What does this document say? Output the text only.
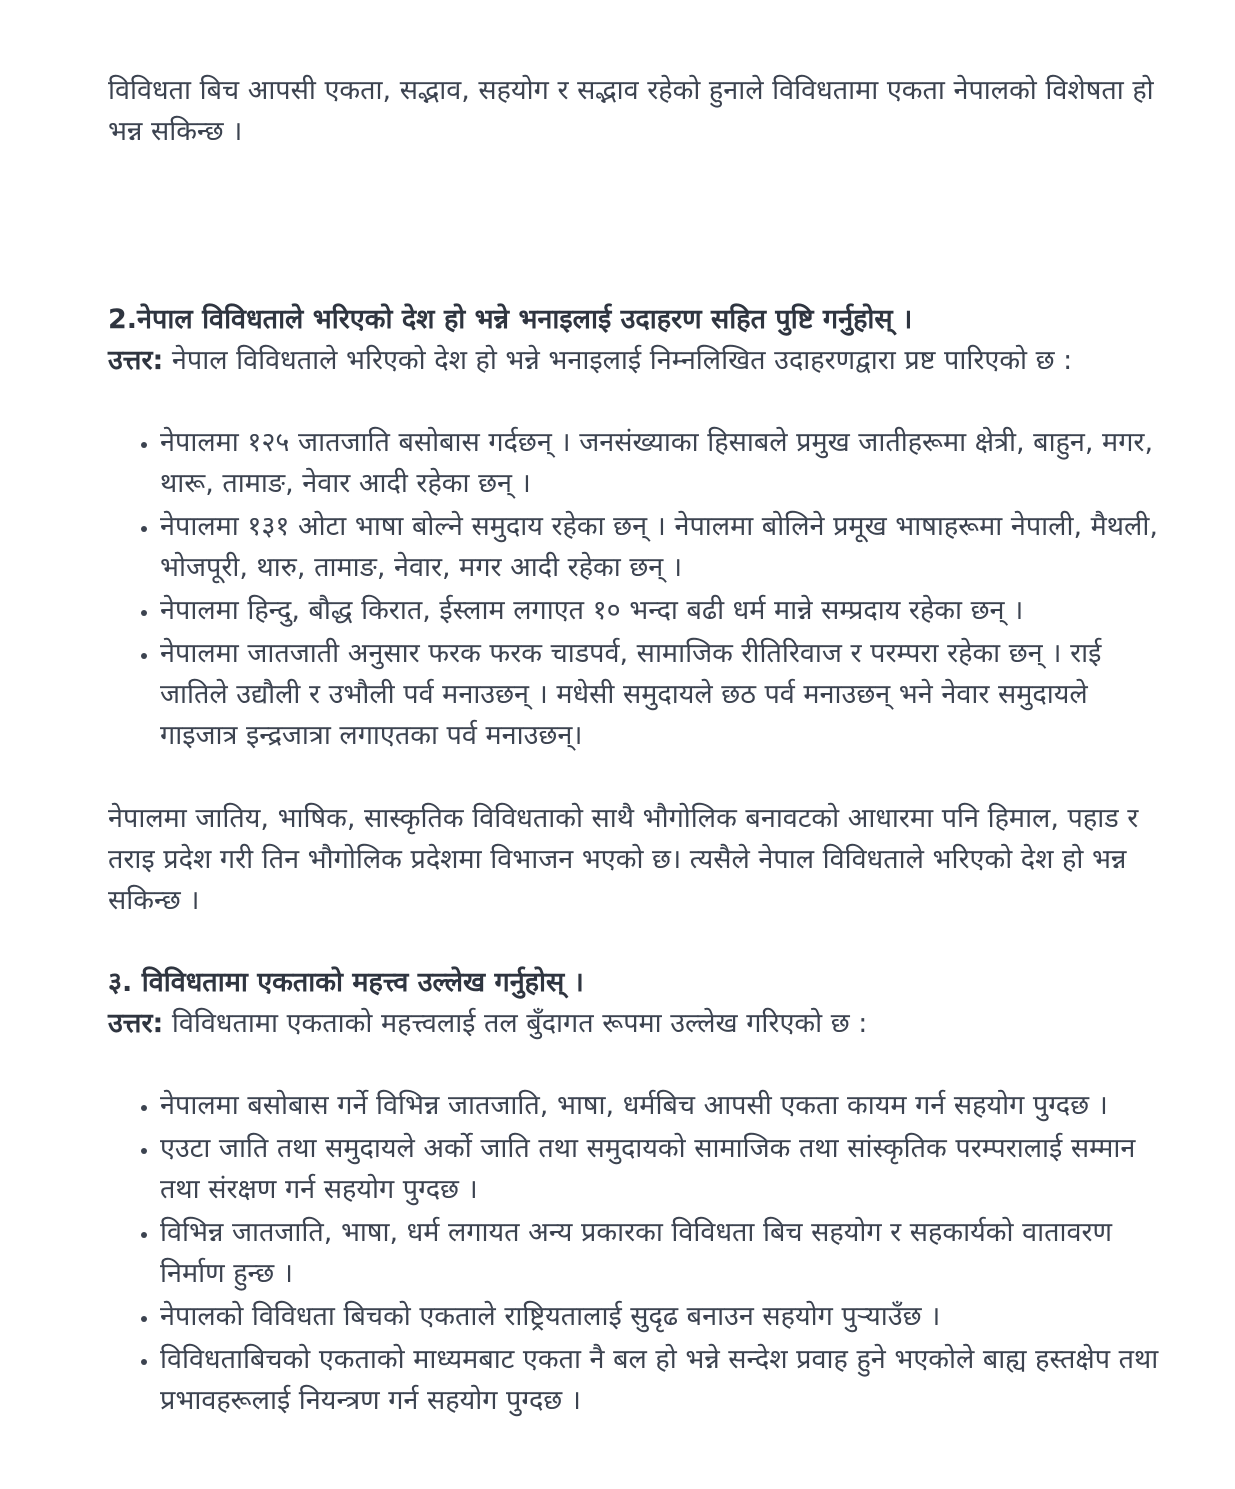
विविधता बिच आपसी एकता, सद्भाव, सहयोग र सद्भाव रहेको हुनाले विविधतामा एकता नेपालको विशेषता हो भन्न सकिन्छ ।

2.नेपाल विविधताले भरिएको देश हो भन्ने भनाइलाई उदाहरण सहित पुष्टि गर्नुहोस् ।

उत्तर: नेपाल विविधताले भरिएको देश हो भन्ने भनाइलाई निम्नलिखित उदाहरणद्वारा प्रष्ट पारिएको छ :

• नेपालमा १२५ जातजाति बसोबास गर्दछन् । जनसंख्याका हिसाबले प्रमुख जातीहरूमा क्षेत्री, बाहुन, मगर, थारू, तामाङ, नेवार आदी रहेका छन् ।
• नेपालमा १३१ ओटा भाषा बोल्ने समुदाय रहेका छन् । नेपालमा बोलिने प्रमूख भाषाहरूमा नेपाली, मैथली, भोजपूरी, थारु, तामाङ, नेवार, मगर आदी रहेका छन् ।
• नेपालमा हिन्दु, बौद्ध किरात, ईस्लाम लगाएत १० भन्दा बढी धर्म मान्ने सम्प्रदाय रहेका छन् ।
• नेपालमा जातजाती अनुसार फरक फरक चाडपर्व, सामाजिक रीतिरिवाज र परम्परा रहेका छन् । राई जातिले उद्यौली र उभौली पर्व मनाउछन् । मधेसी समुदायले छठ पर्व मनाउछन् भने नेवार समुदायले गाइजात्र इन्द्रजात्रा लगाएतका पर्व मनाउछन्।

नेपालमा जातिय, भाषिक, सास्कृतिक विविधताको साथै भौगोलिक बनावटको आधारमा पनि हिमाल, पहाड र तराइ प्रदेश गरी तिन भौगोलिक प्रदेशमा विभाजन भएको छ। त्यसैले नेपाल विविधताले भरिएको देश हो भन्न सकिन्छ ।

३. विविधतामा एकताको महत्त्व उल्लेख गर्नुहोस् ।

उत्तर: विविधतामा एकताको महत्त्वलाई तल बुँदागत रूपमा उल्लेख गरिएको छ :

• नेपालमा बसोबास गर्ने विभिन्न जातजाति, भाषा, धर्मबिच आपसी एकता कायम गर्न सहयोग पुग्दछ ।
• एउटा जाति तथा समुदायले अर्को जाति तथा समुदायको सामाजिक तथा सांस्कृतिक परम्परालाई सम्मान तथा संरक्षण गर्न सहयोग पुग्दछ ।
• विभिन्न जातजाति, भाषा, धर्म लगायत अन्य प्रकारका विविधता बिच सहयोग र सहकार्यको वातावरण निर्माण हुन्छ ।
• नेपालको विविधता बिचको एकताले राष्ट्रियतालाई सुदृढ बनाउन सहयोग पुर्‍याउँछ ।
• विविधताबिचको एकताको माध्यमबाट एकता नै बल हो भन्ने सन्देश प्रवाह हुने भएकोले बाह्य हस्तक्षेप तथा प्रभावहरूलाई नियन्त्रण गर्न सहयोग पुग्दछ ।
